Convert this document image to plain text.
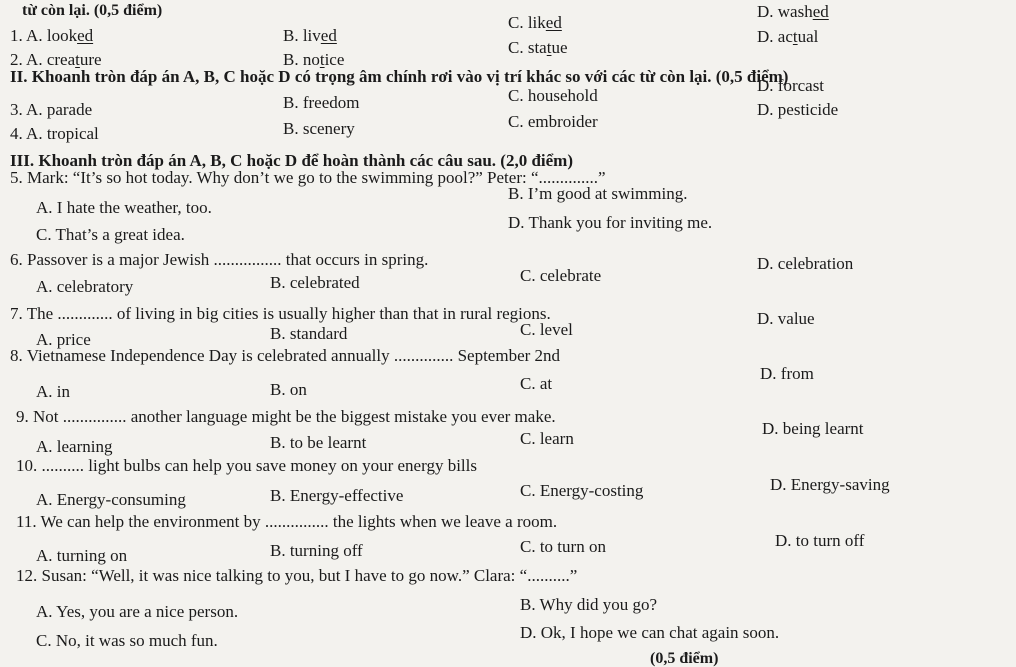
từ còn lại. (0,5 điểm)
1. A. looked	B. lived
C. liked
D. washed
2. A. creature	B. notice
C. statue
D. actual
II. Khoanh tròn đáp án A, B, C hoặc D có trọng âm chính rơi vào vị trí khác so với các từ còn lại. (0,5 điểm)
3. A. parade	B. freedom	C. household
D. forcast
4. A. tropical	B. scenery	C. embroider
D. pesticide
III. Khoanh tròn đáp án A, B, C hoặc D để hoàn thành các câu sau. (2,0 điểm)
5. Mark: “It’s so hot today. Why don’t we go to the swimming pool?” Peter: “..............”
A. I hate the weather, too.
B. I’m good at swimming.
C. That’s a great idea.
D. Thank you for inviting me.
6. Passover is a major Jewish ................ that occurs in spring.
A. celebratory	B. celebrated	C. celebrate
D. celebration
7. The ............. of living in big cities is usually higher than that in rural regions.
A. price	B. standard	C. level
D. value
8. Vietnamese Independence Day is celebrated annually .............. September 2nd
A. in	B. on	C. at
D. from
9. Not ............... another language might be the biggest mistake you ever make.
A. learning	B. to be learnt	C. learn
D. being learnt
10. .......... light bulbs can help you save money on your energy bills
A. Energy-consuming	B. Energy-effective	C. Energy-costing	D. Energy-saving
11. We can help the environment by ............... the lights when we leave a room.
A. turning on	B. turning off	C. to turn on	D. to turn off
12. Susan: “Well, it was nice talking to you, but I have to go now.” Clara: “..........”
A. Yes, you are a nice person.	B. Why did you go?
C. No, it was so much fun.	D. Ok, I hope we can chat again soon.
(0,5 điểm)
